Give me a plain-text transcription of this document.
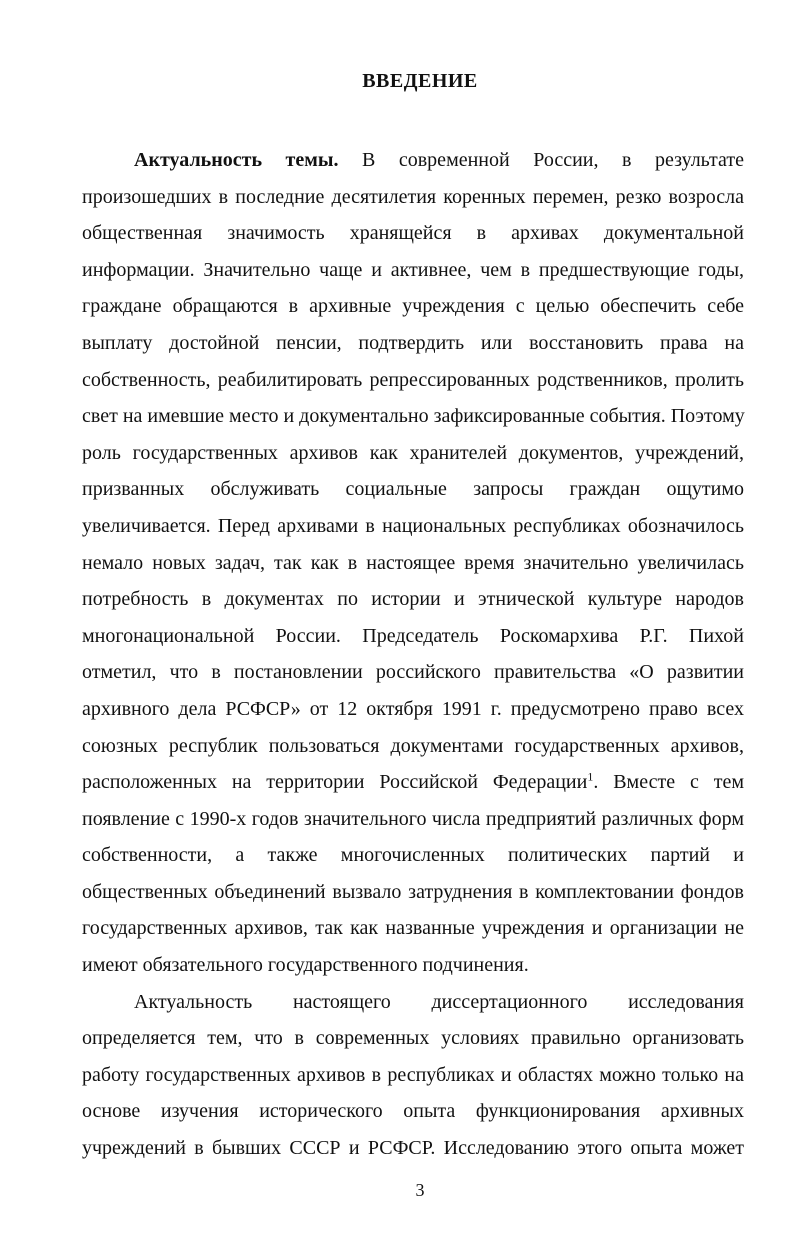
ВВЕДЕНИЕ
Актуальность темы. В современной России, в результате
произошедших в последние десятилетия коренных перемен, резко возросла
общественная значимость хранящейся в архивах документальной
информации. Значительно чаще и активнее, чем в предшествующие годы,
граждане обращаются в архивные учреждения с целью обеспечить себе
выплату достойной пенсии, подтвердить или восстановить права на
собственность, реабилитировать репрессированных родственников, пролить
свет на имевшие место и документально зафиксированные события. Поэтому
роль государственных архивов как хранителей документов, учреждений,
призванных обслуживать социальные запросы граждан ощутимо
увеличивается. Перед архивами в национальных республиках обозначилось
немало новых задач, так как в настоящее время значительно увеличилась
потребность в документах по истории и этнической культуре народов
многонациональной России. Председатель Роскомархива Р.Г. Пихой
отметил, что в постановлении российского правительства «О развитии
архивного дела РСФСР» от 12 октября 1991 г. предусмотрено право всех
союзных республик пользоваться документами государственных архивов,
расположенных на территории Российской Федерации$^1$. Вместе с тем
появление с 1990-х годов значительного числа предприятий различных форм
собственности, а также многочисленных политических партий и
общественных объединений вызвало затруднения в комплектовании фондов
государственных архивов, так как названные учреждения и организации не
имеют обязательного государственного подчинения.
Актуальность настоящего диссертационного исследования
определяется тем, что в современных условиях правильно организовать
работу государственных архивов в республиках и областях можно только на
основе изучения исторического опыта функционирования архивных
учреждений в бывших СССР и РСФСР. Исследованию этого опыта может
3
